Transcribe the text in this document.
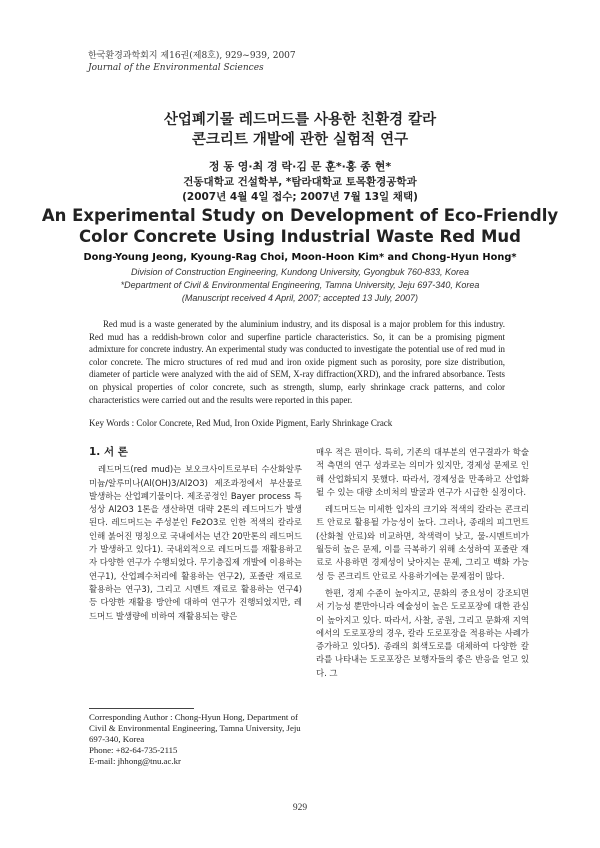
한국환경과학회지 제16권(제8호), 929~939, 2007
Journal of the Environmental Sciences
산업폐기물 레드머드를 사용한 친환경 칼라
콘크리트 개발에 관한 실험적 연구
정 동 영·최 경 락·김 문 훈*·홍 종 현*
건동대학교 건설학부, *탐라대학교 토목환경공학과
(2007년 4월 4일 접수; 2007년 7월 13일 채택)
An Experimental Study on Development of Eco-Friendly
Color Concrete Using Industrial Waste Red Mud
Dong-Young Jeong, Kyoung-Rag Choi, Moon-Hoon Kim* and Chong-Hyun Hong*
Division of Construction Engineering, Kundong University, Gyongbuk 760-833, Korea
*Department of Civil & Environmental Engineering, Tamna University, Jeju 697-340, Korea
(Manuscript received 4 April, 2007; accepted 13 July, 2007)

Red mud is a waste generated by the aluminium industry, and its disposal is a major problem for this industry. Red mud has a reddish-brown color and superfine particle characteristics. So, it can be a promising pigment admixture for concrete industry. An experimental study was conducted to investigate the potential use of red mud in color concrete. The micro structures of red mud and iron oxide pigment such as porosity, pore size distribution, diameter of particle were analyzed with the aid of SEM, X-ray diffraction(XRD), and the infrared absorbance. Tests on physical properties of color concrete, such as strength, slump, early shrinkage crack patterns, and color characteristics were carried out and the results were reported in this paper.

Key Words : Color Concrete, Red Mud, Iron Oxide Pigment, Early Shrinkage Crack

1. 서 론

레드머드(red mud)는 보오크사이트로부터 수산화알루미늄/알루미나(Al(OH)3/Al2O3) 제조과정에서 부산물로 발생하는 산업폐기물이다. 제조공정인 Bayer process 특성상 Al2O3 1톤을 생산하면 대략 2톤의 레드머드가 발생된다. 레드머드는 주성분인 Fe2O3로 인한 적색의 칼라로 인해 붉어진 명칭으로 국내에서는 년간 20만톤의 레드머드가 발생하고 있다1). 국내외적으로 레드머드를 재활용하고자 다양한 연구가 수행되었다. 무기층집제 개발에 이용하는 연구1), 산업폐수처리에 활용하는 연구2), 포졸란 재료로 활용하는 연구3), 그리고 시멘트 재료로 활용하는 연구4) 등 다양한 재활용 방안에 대하여 연구가 진행되었지만, 레드머드 발생량에 비하여 재활용되는 량은

Corresponding Author : Chong-Hyun Hong, Department of Civil & Environmental Engineering, Tamna University, Jeju 697-340, Korea
Phone: +82-64-735-2115
E-mail: jhhong@tnu.ac.kr

매우 적은 편이다. 특히, 기존의 대부분의 연구결과가 학술적 측면의 연구 성과로는 의미가 있지만, 경제성 문제로 인해 산업화되지 못했다. 따라서, 경제성을 만족하고 산업화 될 수 있는 대량 소비처의 발굴과 연구가 시급한 실정이다.

레드머드는 미세한 입자의 크기와 적색의 칼라는 콘크리트 안료로 활용될 가능성이 높다. 그러나, 종래의 피그먼트(산화철 안료)와 비교하면, 착색력이 낮고, 물-시멘트비가 월등히 높은 문제, 이를 극복하기 위해 소성하여 포졸란 재료로 사용하면 경제성이 낮아지는 문제, 그리고 백화 가능성 등 콘크리트 안료로 사용하기에는 문제점이 많다.

한편, 경제 수준이 높아지고, 문화의 중요성이 강조되면서 기능성 뿐만아니라 예술성이 높은 도로포장에 대한 관심이 높아지고 있다. 따라서, 사찰, 공원, 그리고 문화재 지역에서의 도로포장의 경우, 칼라 도로포장을 적용하는 사례가 증가하고 있다5). 종래의 회색도로를 대체하여 다양한 칼라를 나타내는 도로포장은 보행자들의 좋은 반응을 얻고 있다. 그

929
